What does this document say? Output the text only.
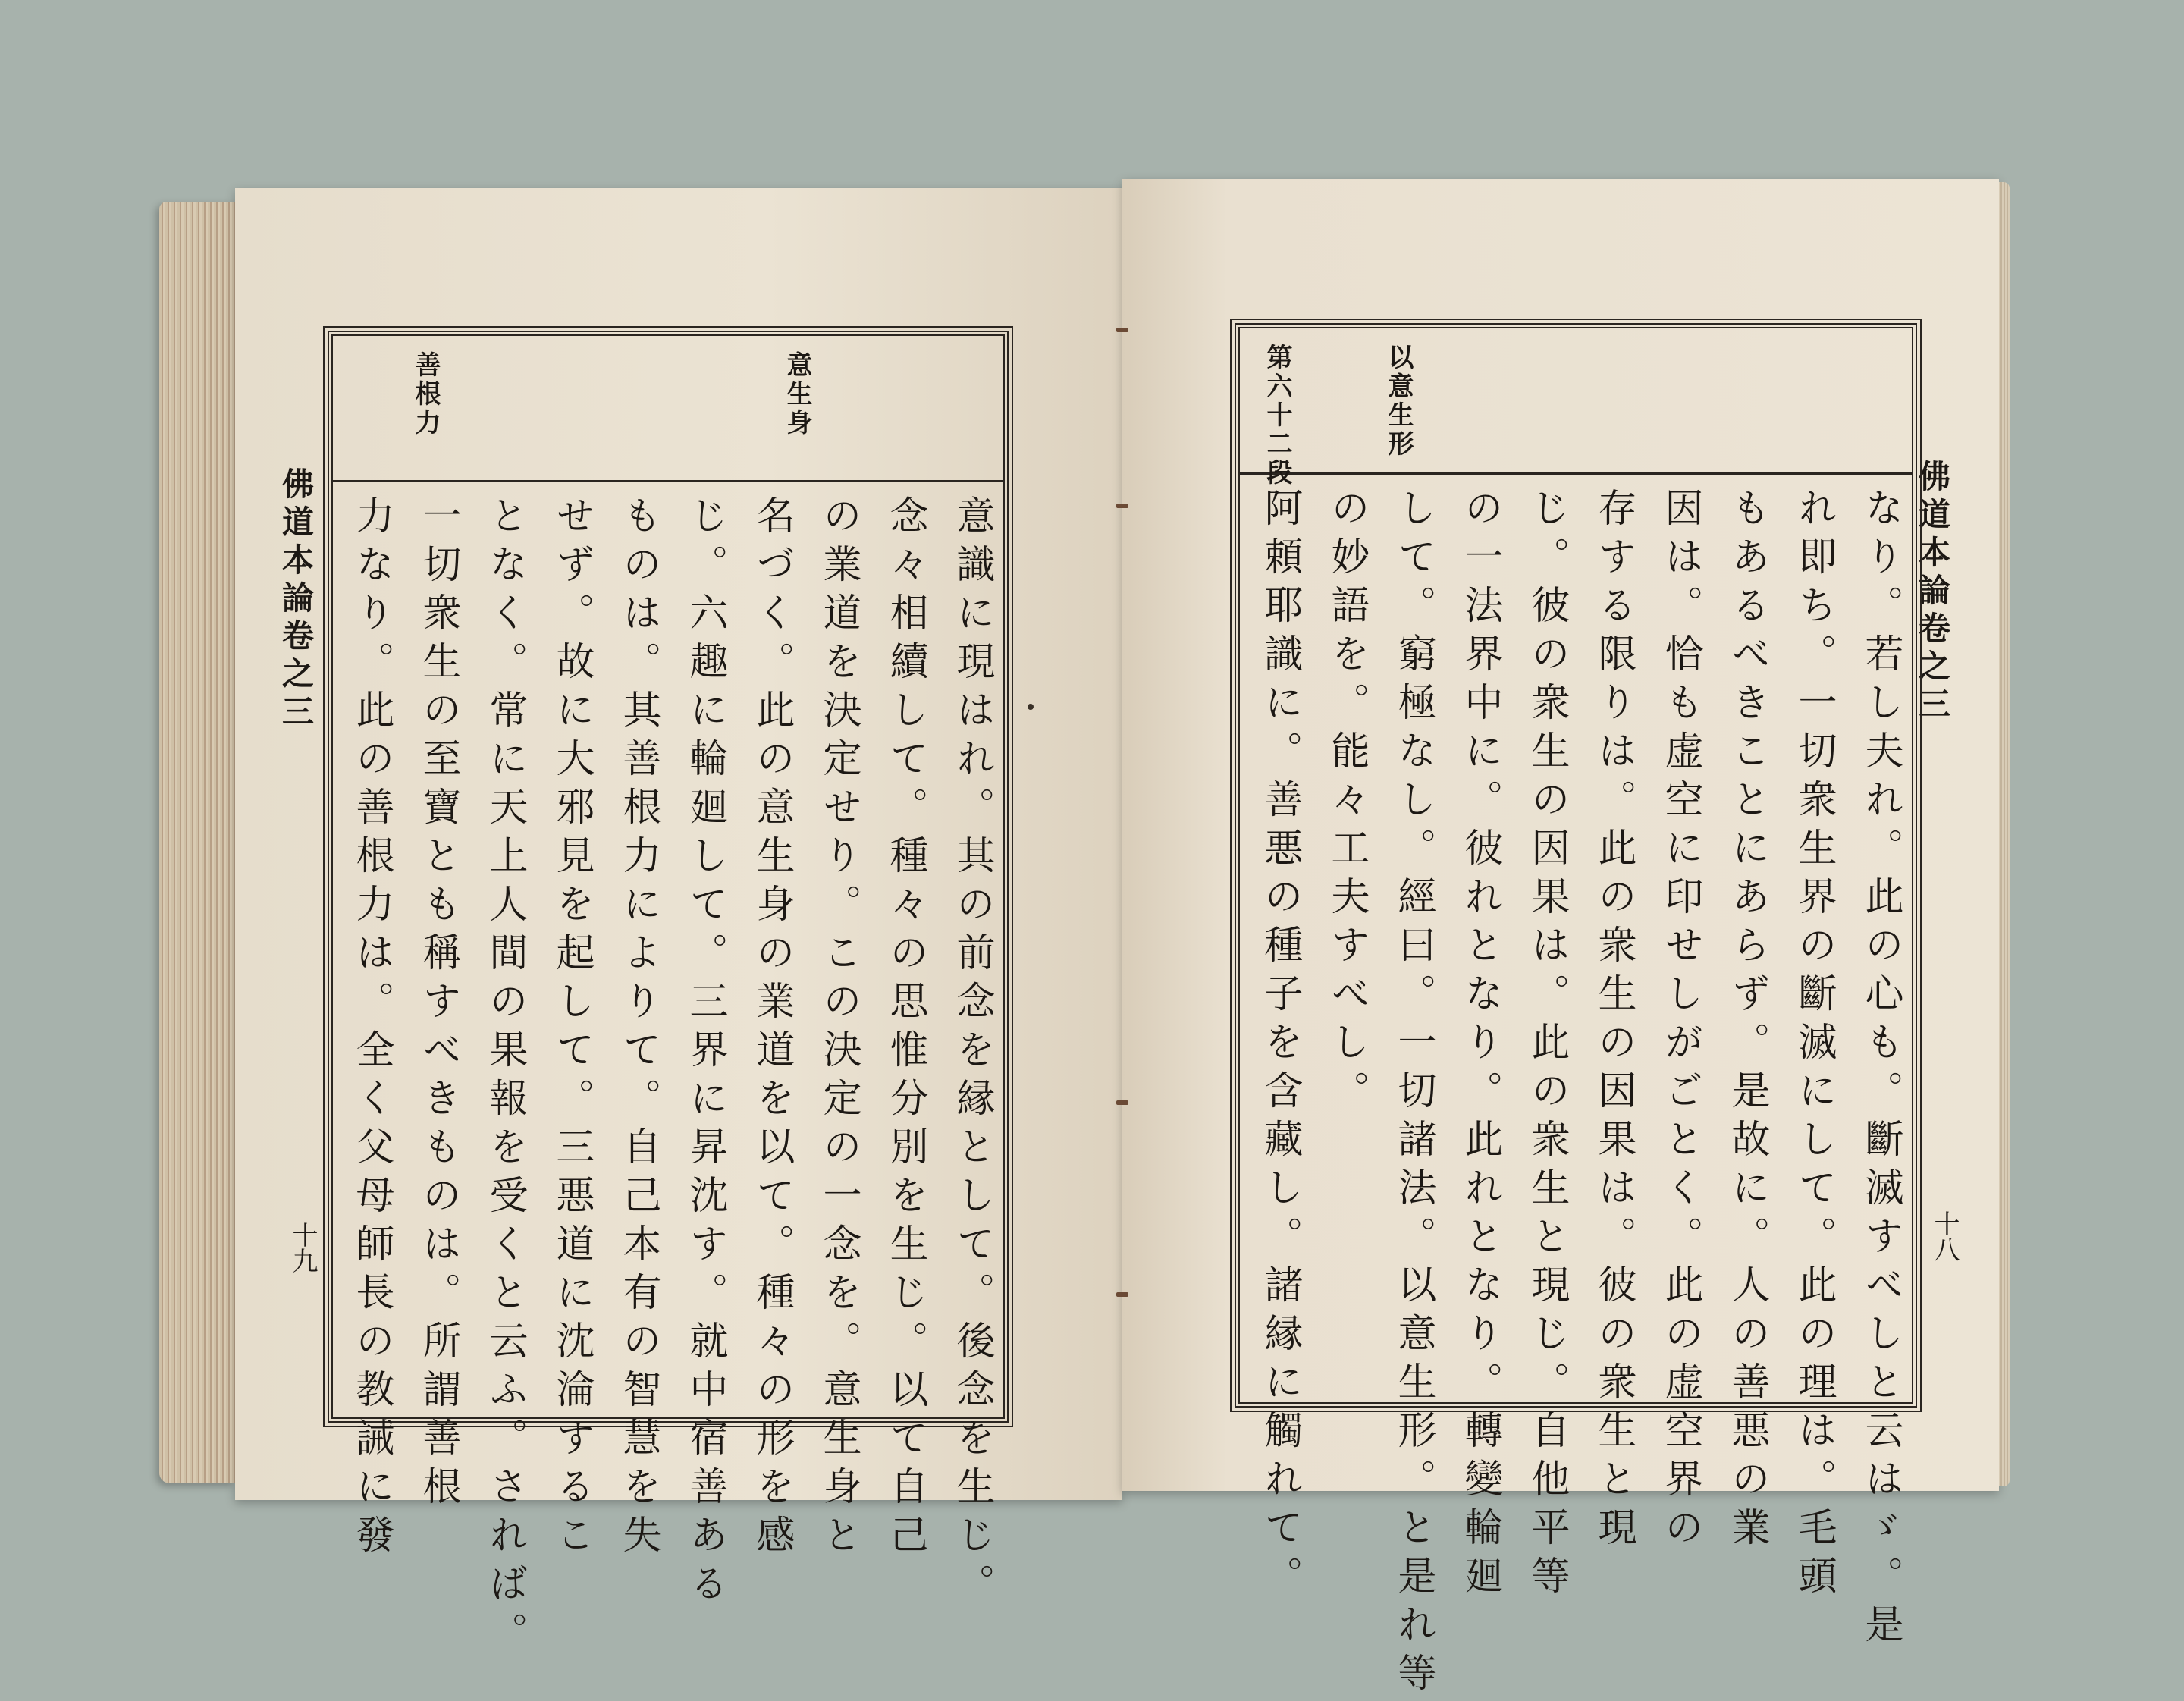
佛道本論卷之三
十九
意生身
善根力
意識に現はれ。其の前念を縁として。後念を生じ。
念々相續して。種々の思惟分別を生じ。以て自己
の業道を決定せり。この決定の一念を。意生身と
名づく。此の意生身の業道を以て。種々の形を感
じ。六趣に輪廻して。三界に昇沈す。就中宿善ある
ものは。其善根力によりて。自己本有の智慧を失
せず。故に大邪見を起して。三悪道に沈淪するこ
となく。常に天上人間の果報を受くと云ふ。されば。
一切衆生の至寶とも稱すべきものは。所謂善根
力なり。此の善根力は。全く父母師長の教誡に發	佛道本論卷之三
十八
以意生形
第六十二段
なり。若し夫れ。此の心も。斷滅すべしと云はゞ。是
れ即ち。一切衆生界の斷滅にして。此の理は。毛頭
もあるべきことにあらず。是故に。人の善悪の業
因は。恰も虚空に印せしがごとく。此の虚空界の
存する限りは。此の衆生の因果は。彼の衆生と現
じ。彼の衆生の因果は。此の衆生と現じ。自他平等
の一法界中に。彼れとなり。此れとなり。轉變輪廻
して。窮極なし。經曰。一切諸法。以意生形。と是れ等
の妙語を。能々工夫すべし。
阿頼耶識に。善悪の種子を含藏し。諸縁に觸れて。
